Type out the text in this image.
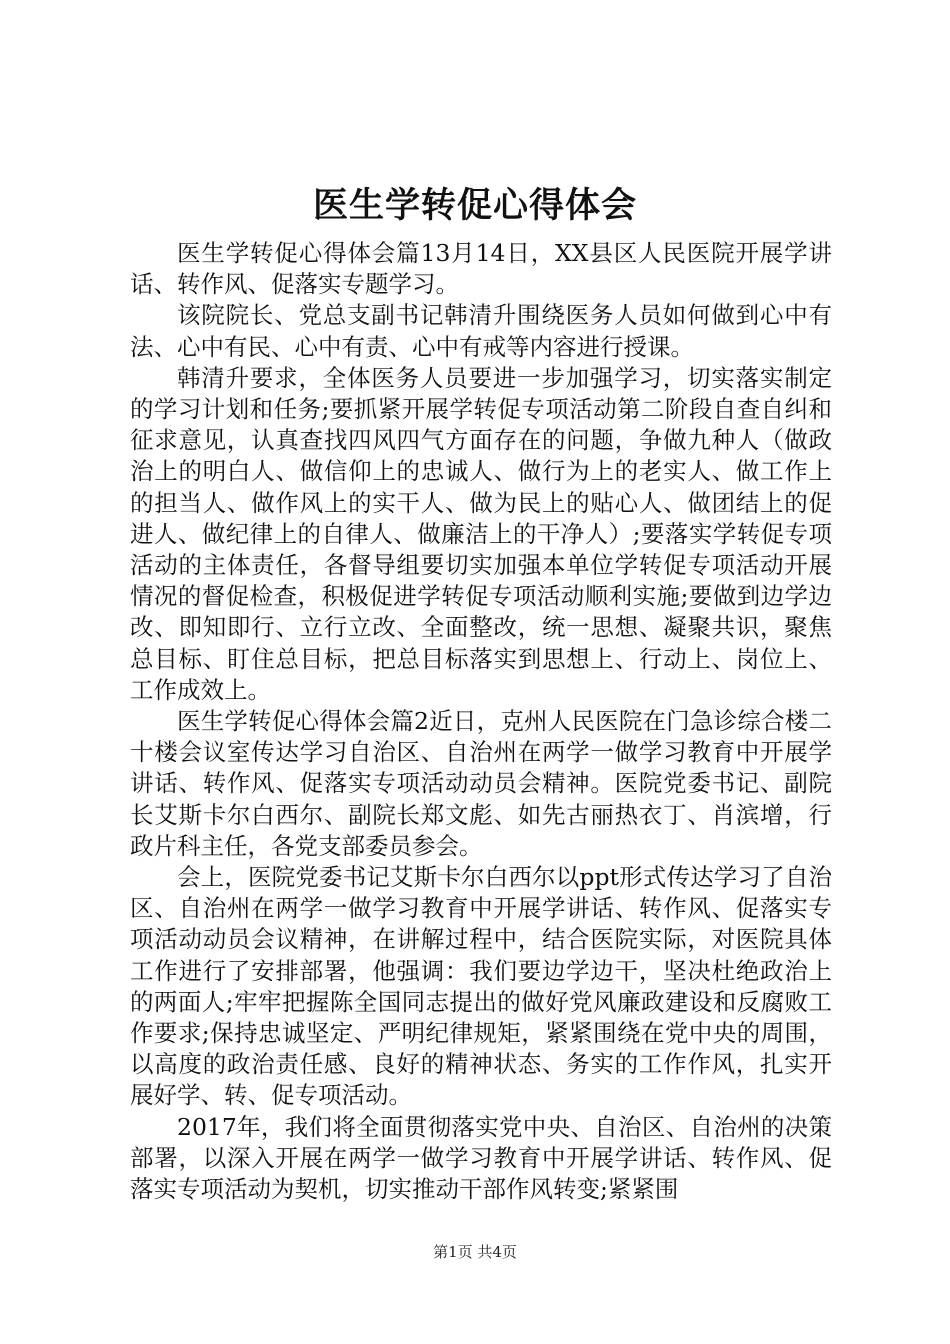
医生学转促心得体会

医生学转促心得体会篇13月14日，XX县区人民医院开展学讲话、转作风、促落实专题学习。

该院院长、党总支副书记韩清升围绕医务人员如何做到心中有法、心中有民、心中有责、心中有戒等内容进行授课。

韩清升要求，全体医务人员要进一步加强学习，切实落实制定的学习计划和任务;要抓紧开展学转促专项活动第二阶段自查自纠和征求意见，认真查找四风四气方面存在的问题，争做九种人（做政治上的明白人、做信仰上的忠诚人、做行为上的老实人、做工作上的担当人、做作风上的实干人、做为民上的贴心人、做团结上的促进人、做纪律上的自律人、做廉洁上的干净人）;要落实学转促专项活动的主体责任，各督导组要切实加强本单位学转促专项活动开展情况的督促检查，积极促进学转促专项活动顺利实施;要做到边学边改、即知即行、立行立改、全面整改，统一思想、凝聚共识，聚焦总目标、盯住总目标，把总目标落实到思想上、行动上、岗位上、工作成效上。

医生学转促心得体会篇2近日，克州人民医院在门急诊综合楼二十楼会议室传达学习自治区、自治州在两学一做学习教育中开展学讲话、转作风、促落实专项活动动员会精神。医院党委书记、副院长艾斯卡尔白西尔、副院长郑文彪、如先古丽热衣丁、肖滨增，行政片科主任，各党支部委员参会。

会上，医院党委书记艾斯卡尔白西尔以ppt形式传达学习了自治区、自治州在两学一做学习教育中开展学讲话、转作风、促落实专项活动动员会议精神，在讲解过程中，结合医院实际，对医院具体工作进行了安排部署，他强调：我们要边学边干，坚决杜绝政治上的两面人;牢牢把握陈全国同志提出的做好党风廉政建设和反腐败工作要求;保持忠诚坚定、严明纪律规矩，紧紧围绕在党中央的周围，以高度的政治责任感、良好的精神状态、务实的工作作风，扎实开展好学、转、促专项活动。

2017年，我们将全面贯彻落实党中央、自治区、自治州的决策部署，以深入开展在两学一做学习教育中开展学讲话、转作风、促落实专项活动为契机，切实推动干部作风转变;紧紧围

第1页 共4页
